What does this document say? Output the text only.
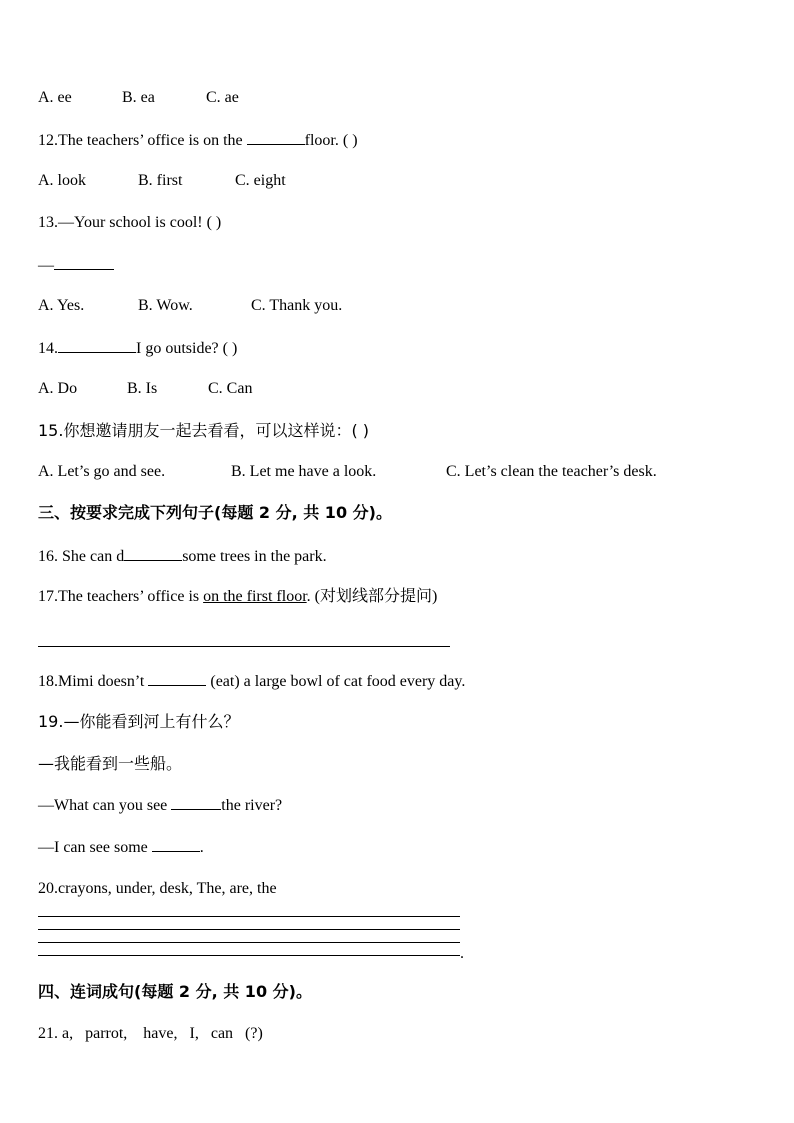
A. ee	B. ea	C. ae
12.The teachers’ office is on the	floor. ( )
A. look	B. first	C. eight
13.—Your school is cool! ( )
—
A. Yes.	B. Wow.	C. Thank you.
14.	I go outside? ( )
A. Do	B. Is	C. Can
15.你想邀请朋友一起去看看，可以这样说：( )
A. Let’s go and see.	B. Let me have a look.	C. Let’s clean the teacher’s desk.
三、按要求完成下列句子(每题 2 分, 共 10 分)。
16. She can d	some trees in the park.
17.The teachers’ office is on the first floor. (对划线部分提问)
18.Mimi doesn’t	(eat) a large bowl of cat food every day.
19.—你能看到河上有什么？
—我能看到一些船。
—What can you see	the river?
—I can see some	.
20.crayons, under, desk, The, are, the
.
四、连词成句(每题 2 分, 共 10 分)。
21. a,   parrot,    have,   I,   can   (?)
